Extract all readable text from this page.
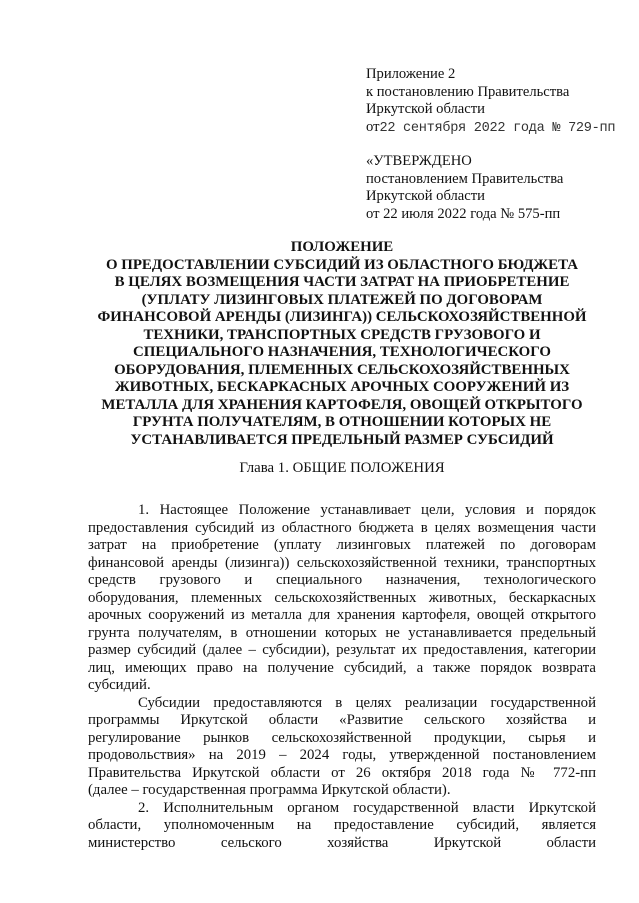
Приложение 2
к постановлению Правительства
Иркутской области
от22 сентября 2022 года № 729-пп
«УТВЕРЖДЕНО
постановлением Правительства
Иркутской области
от 22 июля 2022 года № 575-пп
ПОЛОЖЕНИЕ
О ПРЕДОСТАВЛЕНИИ СУБСИДИЙ ИЗ ОБЛАСТНОГО БЮДЖЕТА
В ЦЕЛЯХ ВОЗМЕЩЕНИЯ ЧАСТИ ЗАТРАТ НА ПРИОБРЕТЕНИЕ
(УПЛАТУ ЛИЗИНГОВЫХ ПЛАТЕЖЕЙ ПО ДОГОВОРАМ
ФИНАНСОВОЙ АРЕНДЫ (ЛИЗИНГА)) СЕЛЬСКОХОЗЯЙСТВЕННОЙ
ТЕХНИКИ, ТРАНСПОРТНЫХ СРЕДСТВ ГРУЗОВОГО И
СПЕЦИАЛЬНОГО НАЗНАЧЕНИЯ, ТЕХНОЛОГИЧЕСКОГО
ОБОРУДОВАНИЯ, ПЛЕМЕННЫХ СЕЛЬСКОХОЗЯЙСТВЕННЫХ
ЖИВОТНЫХ, БЕСКАРКАСНЫХ АРОЧНЫХ СООРУЖЕНИЙ ИЗ
МЕТАЛЛА ДЛЯ ХРАНЕНИЯ КАРТОФЕЛЯ, ОВОЩЕЙ ОТКРЫТОГО
ГРУНТА ПОЛУЧАТЕЛЯМ, В ОТНОШЕНИИ КОТОРЫХ НЕ
УСТАНАВЛИВАЕТСЯ ПРЕДЕЛЬНЫЙ РАЗМЕР СУБСИДИЙ
Глава 1. ОБЩИЕ ПОЛОЖЕНИЯ
1. Настоящее Положение устанавливает цели, условия и порядок
предоставления субсидий из областного бюджета в целях возмещения части
затрат на приобретение (уплату лизинговых платежей по договорам
финансовой аренды (лизинга)) сельскохозяйственной техники, транспортных
средств грузового и специального назначения, технологического
оборудования, племенных сельскохозяйственных животных, бескаркасных
арочных сооружений из металла для хранения картофеля, овощей открытого
грунта получателям, в отношении которых не устанавливается предельный
размер субсидий (далее – субсидии), результат их предоставления, категории
лиц, имеющих право на получение субсидий, а также порядок возврата
субсидий.
Субсидии предоставляются в целях реализации государственной
программы Иркутской области «Развитие сельского хозяйства и
регулирование рынков сельскохозяйственной продукции, сырья и
продовольствия» на 2019 – 2024 годы, утвержденной постановлением
Правительства Иркутской области от 26 октября 2018 года № 772-пп
(далее – государственная программа Иркутской области).
2. Исполнительным органом государственной власти Иркутской
области, уполномоченным на предоставление субсидий, является
министерство сельского хозяйства Иркутской области
